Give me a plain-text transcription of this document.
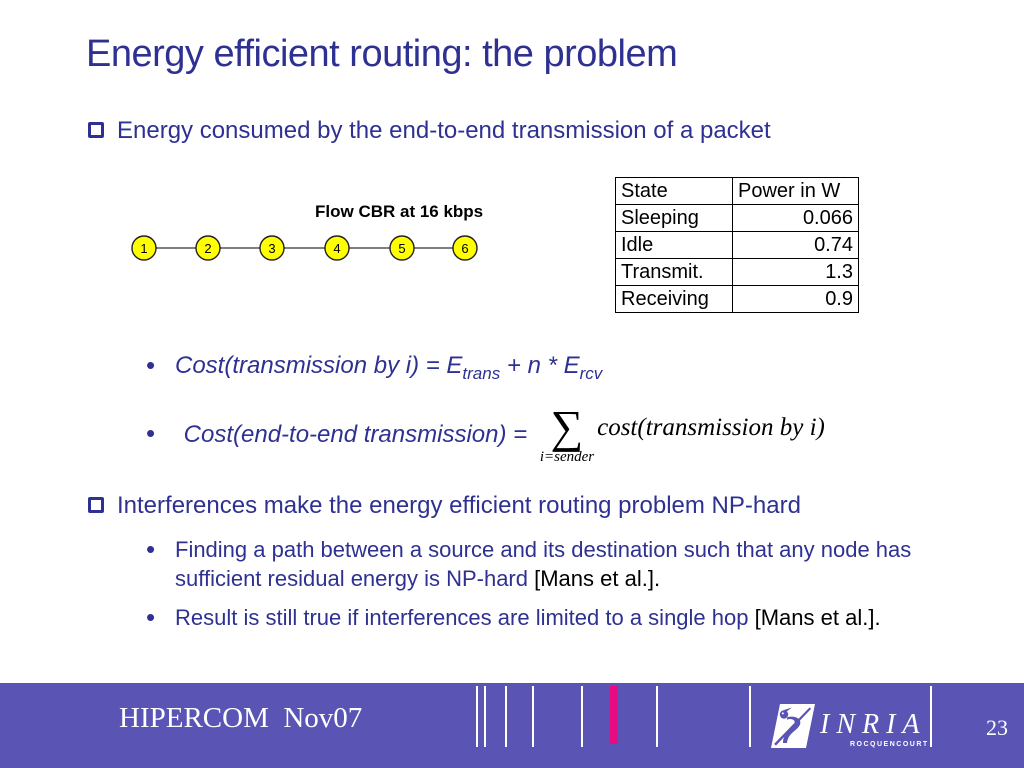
Energy efficient routing: the problem
Energy consumed by the end-to-end transmission of a packet
Flow CBR at 16 kbps
1	2	3	4	5	6
State	Power in W
Sleeping	0.066
Idle	0.74
Transmit.	1.3
Receiving	0.9
• Cost(transmission by $i) = E_{trans} + n * E_{rcv}$
• Cost(end-to-end transmission) = ∑
i=sender
cost(transmission by i)
Interferences make the energy efficient routing problem NP-hard
• Finding a path between a source and its destination such that any node has sufficient residual energy is NP-hard [Mans et al.].
• Result is still true if interferences are limited to a single hop [Mans et al.].
HIPERCOM  Nov07	INRIA
ROCQUENCOURT
23
